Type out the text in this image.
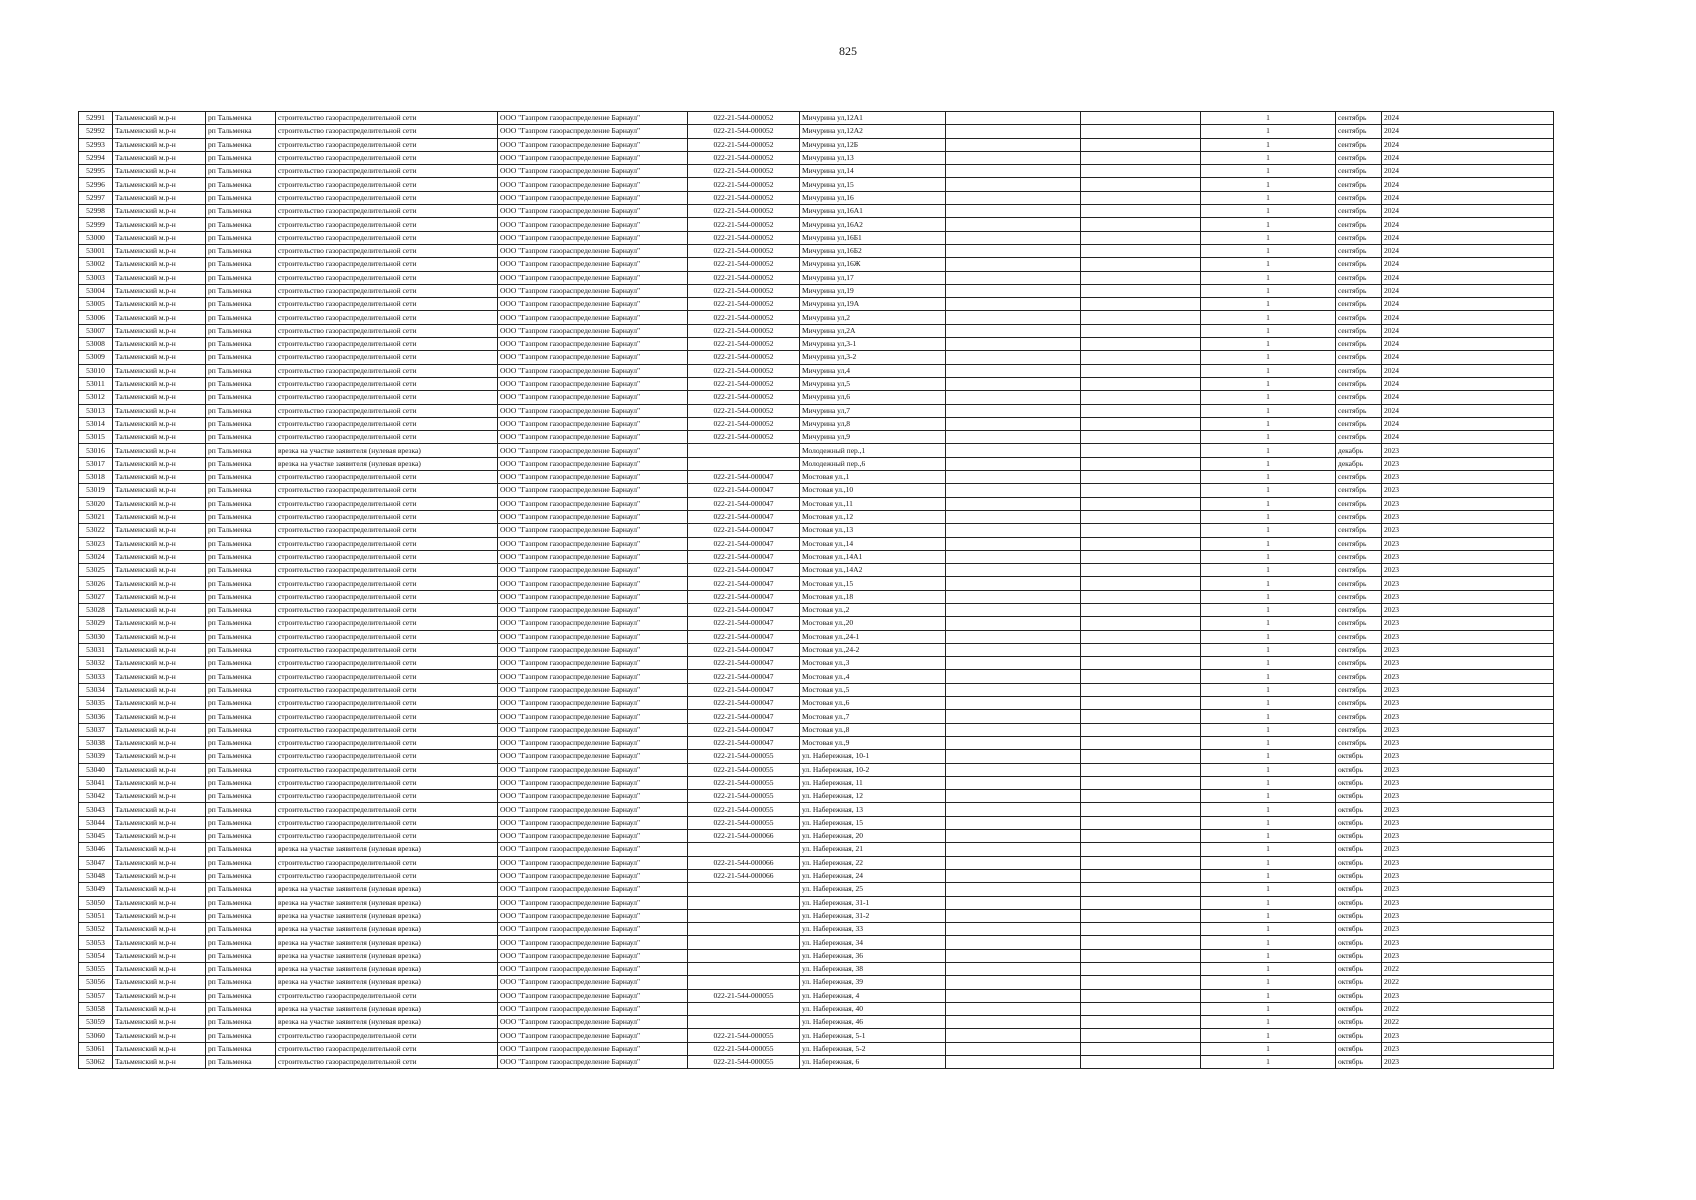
825
52991	Тальменский м.р-н	рп Тальменка	строительство газораспределительной сети	ООО "Газпром газораспределение Барнаул"	022-21-544-000052	Мичурина ул,12А1			1	сентябрь	2024
52992	Тальменский м.р-н	рп Тальменка	строительство газораспределительной сети	ООО "Газпром газораспределение Барнаул"	022-21-544-000052	Мичурина ул,12А2			1	сентябрь	2024
52993	Тальменский м.р-н	рп Тальменка	строительство газораспределительной сети	ООО "Газпром газораспределение Барнаул"	022-21-544-000052	Мичурина ул,12Б			1	сентябрь	2024
52994	Тальменский м.р-н	рп Тальменка	строительство газораспределительной сети	ООО "Газпром газораспределение Барнаул"	022-21-544-000052	Мичурина ул,13			1	сентябрь	2024
52995	Тальменский м.р-н	рп Тальменка	строительство газораспределительной сети	ООО "Газпром газораспределение Барнаул"	022-21-544-000052	Мичурина ул,14			1	сентябрь	2024
52996	Тальменский м.р-н	рп Тальменка	строительство газораспределительной сети	ООО "Газпром газораспределение Барнаул"	022-21-544-000052	Мичурина ул,15			1	сентябрь	2024
52997	Тальменский м.р-н	рп Тальменка	строительство газораспределительной сети	ООО "Газпром газораспределение Барнаул"	022-21-544-000052	Мичурина ул,16			1	сентябрь	2024
52998	Тальменский м.р-н	рп Тальменка	строительство газораспределительной сети	ООО "Газпром газораспределение Барнаул"	022-21-544-000052	Мичурина ул,16А1			1	сентябрь	2024
52999	Тальменский м.р-н	рп Тальменка	строительство газораспределительной сети	ООО "Газпром газораспределение Барнаул"	022-21-544-000052	Мичурина ул,16А2			1	сентябрь	2024
53000	Тальменский м.р-н	рп Тальменка	строительство газораспределительной сети	ООО "Газпром газораспределение Барнаул"	022-21-544-000052	Мичурина ул,16Б1			1	сентябрь	2024
53001	Тальменский м.р-н	рп Тальменка	строительство газораспределительной сети	ООО "Газпром газораспределение Барнаул"	022-21-544-000052	Мичурина ул,16Б2			1	сентябрь	2024
53002	Тальменский м.р-н	рп Тальменка	строительство газораспределительной сети	ООО "Газпром газораспределение Барнаул"	022-21-544-000052	Мичурина ул,16Ж			1	сентябрь	2024
53003	Тальменский м.р-н	рп Тальменка	строительство газораспределительной сети	ООО "Газпром газораспределение Барнаул"	022-21-544-000052	Мичурина ул,17			1	сентябрь	2024
53004	Тальменский м.р-н	рп Тальменка	строительство газораспределительной сети	ООО "Газпром газораспределение Барнаул"	022-21-544-000052	Мичурина ул,19			1	сентябрь	2024
53005	Тальменский м.р-н	рп Тальменка	строительство газораспределительной сети	ООО "Газпром газораспределение Барнаул"	022-21-544-000052	Мичурина ул,19А			1	сентябрь	2024
53006	Тальменский м.р-н	рп Тальменка	строительство газораспределительной сети	ООО "Газпром газораспределение Барнаул"	022-21-544-000052	Мичурина ул,2			1	сентябрь	2024
53007	Тальменский м.р-н	рп Тальменка	строительство газораспределительной сети	ООО "Газпром газораспределение Барнаул"	022-21-544-000052	Мичурина ул,2А			1	сентябрь	2024
53008	Тальменский м.р-н	рп Тальменка	строительство газораспределительной сети	ООО "Газпром газораспределение Барнаул"	022-21-544-000052	Мичурина ул,3-1			1	сентябрь	2024
53009	Тальменский м.р-н	рп Тальменка	строительство газораспределительной сети	ООО "Газпром газораспределение Барнаул"	022-21-544-000052	Мичурина ул,3-2			1	сентябрь	2024
53010	Тальменский м.р-н	рп Тальменка	строительство газораспределительной сети	ООО "Газпром газораспределение Барнаул"	022-21-544-000052	Мичурина ул,4			1	сентябрь	2024
53011	Тальменский м.р-н	рп Тальменка	строительство газораспределительной сети	ООО "Газпром газораспределение Барнаул"	022-21-544-000052	Мичурина ул,5			1	сентябрь	2024
53012	Тальменский м.р-н	рп Тальменка	строительство газораспределительной сети	ООО "Газпром газораспределение Барнаул"	022-21-544-000052	Мичурина ул,6			1	сентябрь	2024
53013	Тальменский м.р-н	рп Тальменка	строительство газораспределительной сети	ООО "Газпром газораспределение Барнаул"	022-21-544-000052	Мичурина ул,7			1	сентябрь	2024
53014	Тальменский м.р-н	рп Тальменка	строительство газораспределительной сети	ООО "Газпром газораспределение Барнаул"	022-21-544-000052	Мичурина ул,8			1	сентябрь	2024
53015	Тальменский м.р-н	рп Тальменка	строительство газораспределительной сети	ООО "Газпром газораспределение Барнаул"	022-21-544-000052	Мичурина ул,9			1	сентябрь	2024
53016	Тальменский м.р-н	рп Тальменка	врезка на участке заявителя (нулевая врезка)	ООО "Газпром газораспределение Барнаул"		Молодежный пер.,1			1	декабрь	2023
53017	Тальменский м.р-н	рп Тальменка	врезка на участке заявителя (нулевая врезка)	ООО "Газпром газораспределение Барнаул"		Молодежный пер.,6			1	декабрь	2023
53018	Тальменский м.р-н	рп Тальменка	строительство газораспределительной сети	ООО "Газпром газораспределение Барнаул"	022-21-544-000047	Мостовая ул.,1			1	сентябрь	2023
53019	Тальменский м.р-н	рп Тальменка	строительство газораспределительной сети	ООО "Газпром газораспределение Барнаул"	022-21-544-000047	Мостовая ул.,10			1	сентябрь	2023
53020	Тальменский м.р-н	рп Тальменка	строительство газораспределительной сети	ООО "Газпром газораспределение Барнаул"	022-21-544-000047	Мостовая ул.,11			1	сентябрь	2023
53021	Тальменский м.р-н	рп Тальменка	строительство газораспределительной сети	ООО "Газпром газораспределение Барнаул"	022-21-544-000047	Мостовая ул.,12			1	сентябрь	2023
53022	Тальменский м.р-н	рп Тальменка	строительство газораспределительной сети	ООО "Газпром газораспределение Барнаул"	022-21-544-000047	Мостовая ул.,13			1	сентябрь	2023
53023	Тальменский м.р-н	рп Тальменка	строительство газораспределительной сети	ООО "Газпром газораспределение Барнаул"	022-21-544-000047	Мостовая ул.,14			1	сентябрь	2023
53024	Тальменский м.р-н	рп Тальменка	строительство газораспределительной сети	ООО "Газпром газораспределение Барнаул"	022-21-544-000047	Мостовая ул.,14А1			1	сентябрь	2023
53025	Тальменский м.р-н	рп Тальменка	строительство газораспределительной сети	ООО "Газпром газораспределение Барнаул"	022-21-544-000047	Мостовая ул.,14А2			1	сентябрь	2023
53026	Тальменский м.р-н	рп Тальменка	строительство газораспределительной сети	ООО "Газпром газораспределение Барнаул"	022-21-544-000047	Мостовая ул.,15			1	сентябрь	2023
53027	Тальменский м.р-н	рп Тальменка	строительство газораспределительной сети	ООО "Газпром газораспределение Барнаул"	022-21-544-000047	Мостовая ул.,18			1	сентябрь	2023
53028	Тальменский м.р-н	рп Тальменка	строительство газораспределительной сети	ООО "Газпром газораспределение Барнаул"	022-21-544-000047	Мостовая ул.,2			1	сентябрь	2023
53029	Тальменский м.р-н	рп Тальменка	строительство газораспределительной сети	ООО "Газпром газораспределение Барнаул"	022-21-544-000047	Мостовая ул.,20			1	сентябрь	2023
53030	Тальменский м.р-н	рп Тальменка	строительство газораспределительной сети	ООО "Газпром газораспределение Барнаул"	022-21-544-000047	Мостовая ул.,24-1			1	сентябрь	2023
53031	Тальменский м.р-н	рп Тальменка	строительство газораспределительной сети	ООО "Газпром газораспределение Барнаул"	022-21-544-000047	Мостовая ул.,24-2			1	сентябрь	2023
53032	Тальменский м.р-н	рп Тальменка	строительство газораспределительной сети	ООО "Газпром газораспределение Барнаул"	022-21-544-000047	Мостовая ул.,3			1	сентябрь	2023
53033	Тальменский м.р-н	рп Тальменка	строительство газораспределительной сети	ООО "Газпром газораспределение Барнаул"	022-21-544-000047	Мостовая ул.,4			1	сентябрь	2023
53034	Тальменский м.р-н	рп Тальменка	строительство газораспределительной сети	ООО "Газпром газораспределение Барнаул"	022-21-544-000047	Мостовая ул.,5			1	сентябрь	2023
53035	Тальменский м.р-н	рп Тальменка	строительство газораспределительной сети	ООО "Газпром газораспределение Барнаул"	022-21-544-000047	Мостовая ул.,6			1	сентябрь	2023
53036	Тальменский м.р-н	рп Тальменка	строительство газораспределительной сети	ООО "Газпром газораспределение Барнаул"	022-21-544-000047	Мостовая ул.,7			1	сентябрь	2023
53037	Тальменский м.р-н	рп Тальменка	строительство газораспределительной сети	ООО "Газпром газораспределение Барнаул"	022-21-544-000047	Мостовая ул.,8			1	сентябрь	2023
53038	Тальменский м.р-н	рп Тальменка	строительство газораспределительной сети	ООО "Газпром газораспределение Барнаул"	022-21-544-000047	Мостовая ул.,9			1	сентябрь	2023
53039	Тальменский м.р-н	рп Тальменка	строительство газораспределительной сети	ООО "Газпром газораспределение Барнаул"	022-21-544-000055	ул. Набережная, 10-1			1	октябрь	2023
53040	Тальменский м.р-н	рп Тальменка	строительство газораспределительной сети	ООО "Газпром газораспределение Барнаул"	022-21-544-000055	ул. Набережная, 10-2			1	октябрь	2023
53041	Тальменский м.р-н	рп Тальменка	строительство газораспределительной сети	ООО "Газпром газораспределение Барнаул"	022-21-544-000055	ул. Набережная, 11			1	октябрь	2023
53042	Тальменский м.р-н	рп Тальменка	строительство газораспределительной сети	ООО "Газпром газораспределение Барнаул"	022-21-544-000055	ул. Набережная, 12			1	октябрь	2023
53043	Тальменский м.р-н	рп Тальменка	строительство газораспределительной сети	ООО "Газпром газораспределение Барнаул"	022-21-544-000055	ул. Набережная, 13			1	октябрь	2023
53044	Тальменский м.р-н	рп Тальменка	строительство газораспределительной сети	ООО "Газпром газораспределение Барнаул"	022-21-544-000055	ул. Набережная, 15			1	октябрь	2023
53045	Тальменский м.р-н	рп Тальменка	строительство газораспределительной сети	ООО "Газпром газораспределение Барнаул"	022-21-544-000066	ул. Набережная, 20			1	октябрь	2023
53046	Тальменский м.р-н	рп Тальменка	врезка на участке заявителя (нулевая врезка)	ООО "Газпром газораспределение Барнаул"		ул. Набережная, 21			1	октябрь	2023
53047	Тальменский м.р-н	рп Тальменка	строительство газораспределительной сети	ООО "Газпром газораспределение Барнаул"	022-21-544-000066	ул. Набережная, 22			1	октябрь	2023
53048	Тальменский м.р-н	рп Тальменка	строительство газораспределительной сети	ООО "Газпром газораспределение Барнаул"	022-21-544-000066	ул. Набережная, 24			1	октябрь	2023
53049	Тальменский м.р-н	рп Тальменка	врезка на участке заявителя (нулевая врезка)	ООО "Газпром газораспределение Барнаул"		ул. Набережная, 25			1	октябрь	2023
53050	Тальменский м.р-н	рп Тальменка	врезка на участке заявителя (нулевая врезка)	ООО "Газпром газораспределение Барнаул"		ул. Набережная, 31-1			1	октябрь	2023
53051	Тальменский м.р-н	рп Тальменка	врезка на участке заявителя (нулевая врезка)	ООО "Газпром газораспределение Барнаул"		ул. Набережная, 31-2			1	октябрь	2023
53052	Тальменский м.р-н	рп Тальменка	врезка на участке заявителя (нулевая врезка)	ООО "Газпром газораспределение Барнаул"		ул. Набережная, 33			1	октябрь	2023
53053	Тальменский м.р-н	рп Тальменка	врезка на участке заявителя (нулевая врезка)	ООО "Газпром газораспределение Барнаул"		ул. Набережная, 34			1	октябрь	2023
53054	Тальменский м.р-н	рп Тальменка	врезка на участке заявителя (нулевая врезка)	ООО "Газпром газораспределение Барнаул"		ул. Набережная, 36			1	октябрь	2023
53055	Тальменский м.р-н	рп Тальменка	врезка на участке заявителя (нулевая врезка)	ООО "Газпром газораспределение Барнаул"		ул. Набережная, 38			1	октябрь	2022
53056	Тальменский м.р-н	рп Тальменка	врезка на участке заявителя (нулевая врезка)	ООО "Газпром газораспределение Барнаул"		ул. Набережная, 39			1	октябрь	2022
53057	Тальменский м.р-н	рп Тальменка	строительство газораспределительной сети	ООО "Газпром газораспределение Барнаул"	022-21-544-000055	ул. Набережная, 4			1	октябрь	2023
53058	Тальменский м.р-н	рп Тальменка	врезка на участке заявителя (нулевая врезка)	ООО "Газпром газораспределение Барнаул"		ул. Набережная, 40			1	октябрь	2022
53059	Тальменский м.р-н	рп Тальменка	врезка на участке заявителя (нулевая врезка)	ООО "Газпром газораспределение Барнаул"		ул. Набережная, 46			1	октябрь	2022
53060	Тальменский м.р-н	рп Тальменка	строительство газораспределительной сети	ООО "Газпром газораспределение Барнаул"	022-21-544-000055	ул. Набережная, 5-1			1	октябрь	2023
53061	Тальменский м.р-н	рп Тальменка	строительство газораспределительной сети	ООО "Газпром газораспределение Барнаул"	022-21-544-000055	ул. Набережная, 5-2			1	октябрь	2023
53062	Тальменский м.р-н	рп Тальменка	строительство газораспределительной сети	ООО "Газпром газораспределение Барнаул"	022-21-544-000055	ул. Набережная, 6			1	октябрь	2023
